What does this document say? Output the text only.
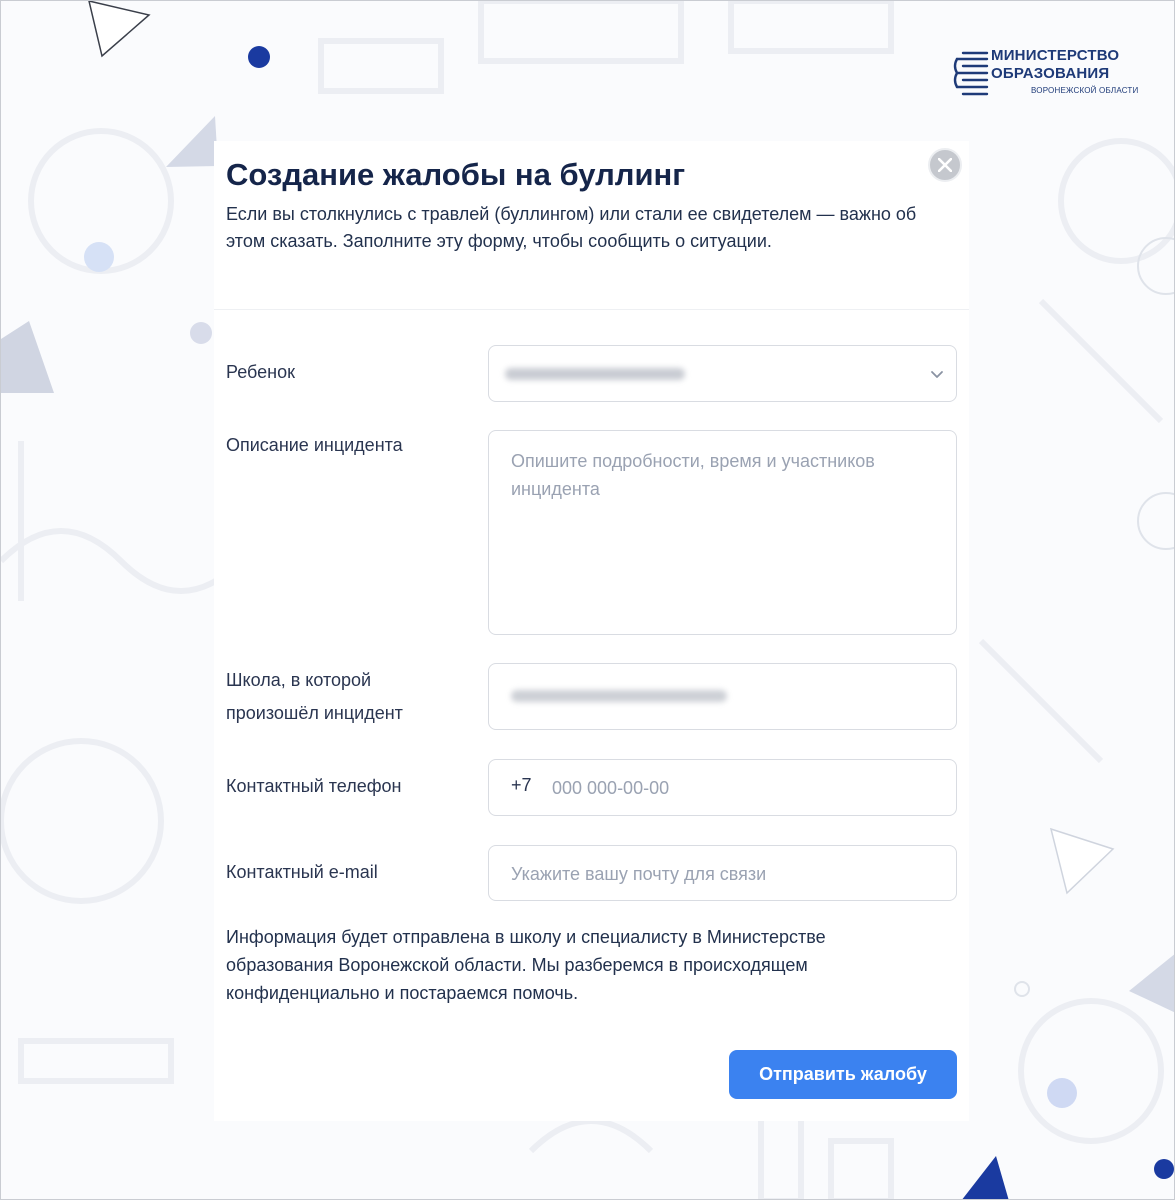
МИНИСТЕРСТВО
ОБРАЗОВАНИЯ
ВОРОНЕЖСКОЙ ОБЛАСТИ
Создание жалобы на буллинг
Если вы столкнулись с травлей (буллингом) или стали ее свидетелем — важно об этом сказать. Заполните эту форму, чтобы сообщить о ситуации.
Ребенок
Описание инцидента
Опишите подробности, время и участников инцидента
Школа, в которой
произошёл инцидент
Контактный телефон	+7 000 000-00-00
Контактный e-mail	Укажите вашу почту для связи
Информация будет отправлена в школу и специалисту в Министерстве образования Воронежской области. Мы разберемся в происходящем конфиденциально и постараемся помочь.
Отправить жалобу
